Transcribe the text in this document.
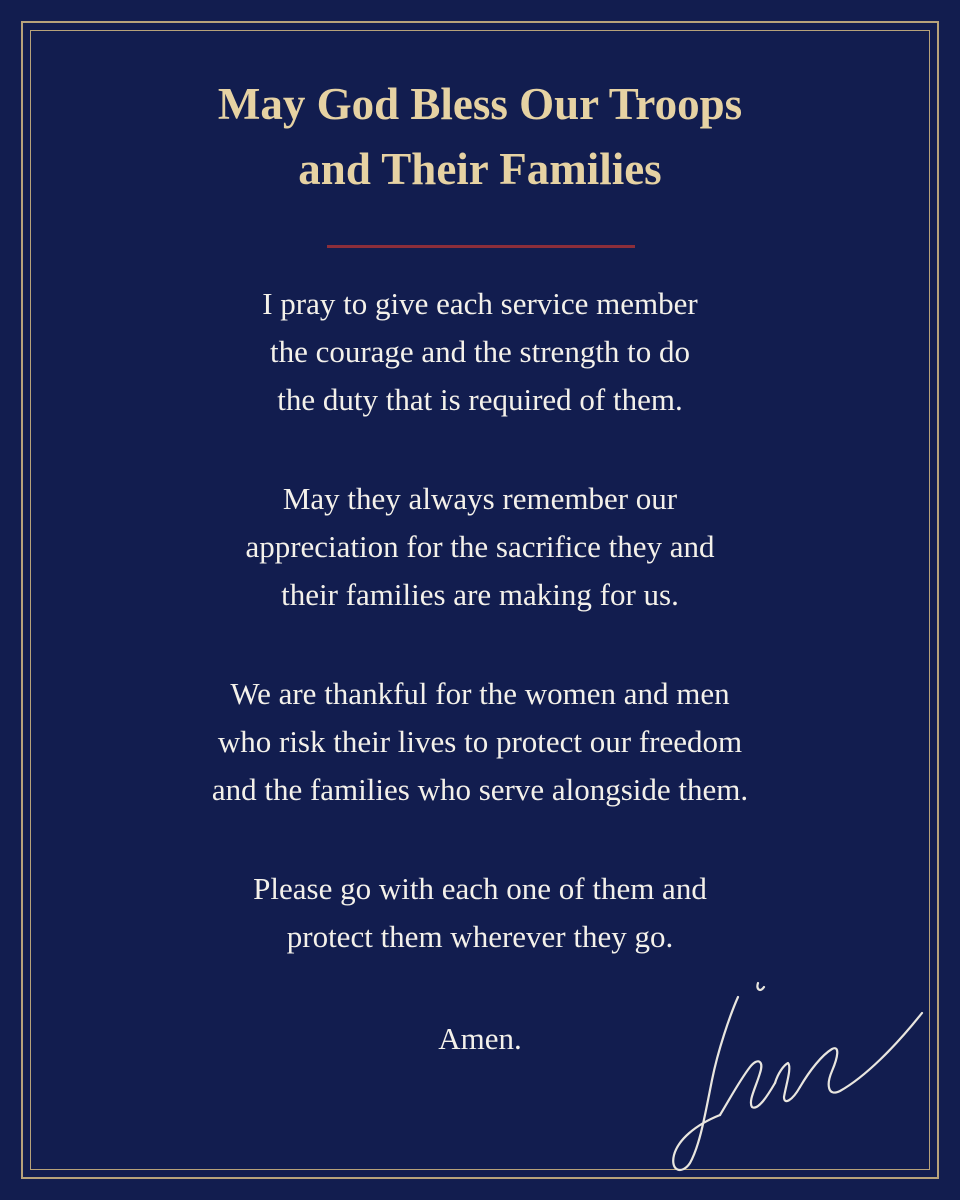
May God Bless Our Troops
and Their Families

I pray to give each service member
the courage and the strength to do
the duty that is required of them.

May they always remember our
appreciation for the sacrifice they and
their families are making for us.

We are thankful for the women and men
who risk their lives to protect our freedom
and the families who serve alongside them.

Please go with each one of them and
protect them wherever they go.

Amen.
